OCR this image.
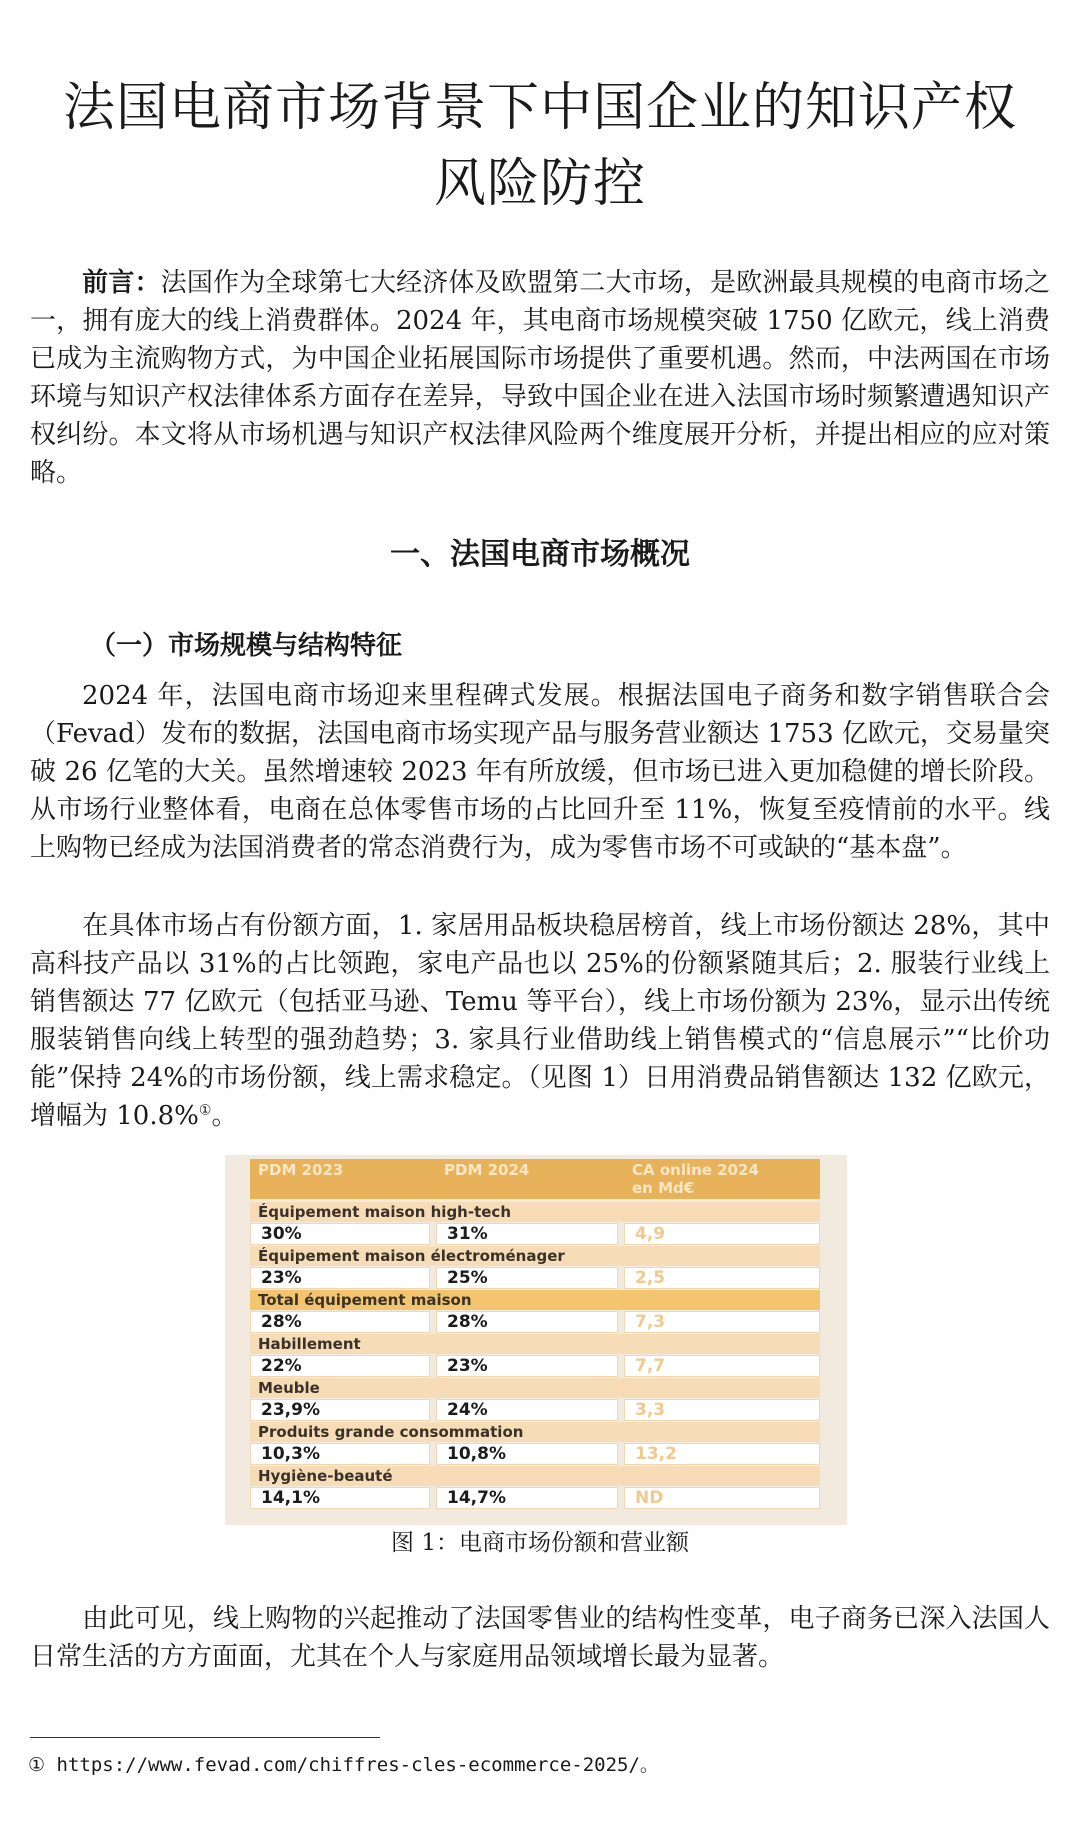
法国电商市场背景下中国企业的知识产权
风险防控

前言：法国作为全球第七大经济体及欧盟第二大市场，是欧洲最具规模的电商市场之一，拥有庞大的线上消费群体。2024 年，其电商市场规模突破 1750 亿欧元，线上消费已成为主流购物方式，为中国企业拓展国际市场提供了重要机遇。然而，中法两国在市场环境与知识产权法律体系方面存在差异，导致中国企业在进入法国市场时频繁遭遇知识产权纠纷。本文将从市场机遇与知识产权法律风险两个维度展开分析，并提出相应的应对策略。

一、法国电商市场概况
（一）市场规模与结构特征

2024 年，法国电商市场迎来里程碑式发展。根据法国电子商务和数字销售联合会（Fevad）发布的数据，法国电商市场实现产品与服务营业额达 1753 亿欧元，交易量突破 26 亿笔的大关。虽然增速较 2023 年有所放缓，但市场已进入更加稳健的增长阶段。从市场行业整体看，电商在总体零售市场的占比回升至 11%，恢复至疫情前的水平。线上购物已经成为法国消费者的常态消费行为，成为零售市场不可或缺的“基本盘”。

在具体市场占有份额方面，1. 家居用品板块稳居榜首，线上市场份额达 28%，其中高科技产品以 31%的占比领跑，家电产品也以 25%的份额紧随其后；2. 服装行业线上销售额达 77 亿欧元（包括亚马逊、Temu 等平台），线上市场份额为 23%，显示出传统服装销售向线上转型的强劲趋势；3. 家具行业借助线上销售模式的“信息展示”“比价功能”保持 24%的市场份额，线上需求稳定。（见图 1）日用消费品销售额达 132 亿欧元，增幅为 10.8%①。

PDM 2023	PDM 2024	CA online 2024
en Md€
Équipement maison high-tech
30%	31%	4,9
Équipement maison électroménager
23%	25%	2,5
Total équipement maison
28%	28%	7,3
Habillement
22%	23%	7,7
Meuble
23,9%	24%	3,3
Produits grande consommation
10,3%	10,8%	13,2
Hygiène-beauté
14,1%	14,7%	ND
图 1：电商市场份额和营业额

由此可见，线上购物的兴起推动了法国零售业的结构性变革，电子商务已深入法国人日常生活的方方面面，尤其在个人与家庭用品领域增长最为显著。

① https://www.fevad.com/chiffres-cles-ecommerce-2025/。
